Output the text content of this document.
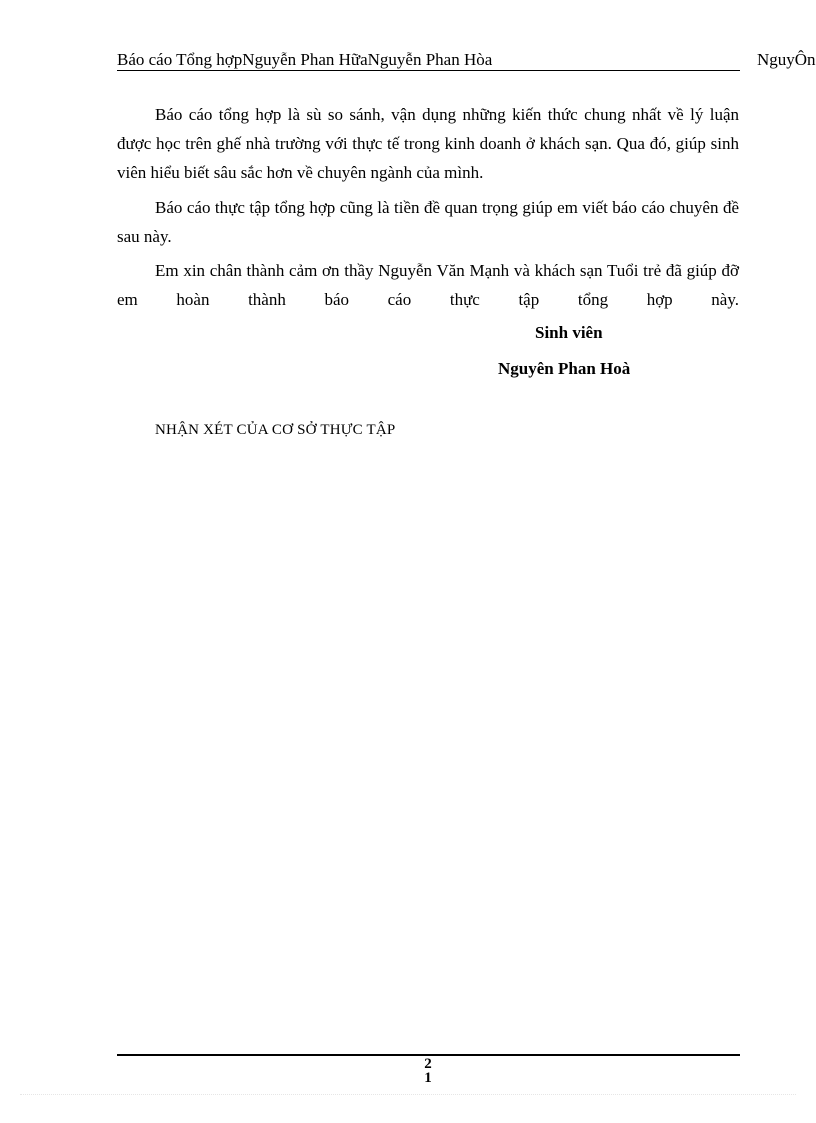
Báo cáo Tổng hợpNguyễn Phan HữaNguyễn Phan Hòa	NguyÔn

Báo cáo tổng hợp là sù so sánh, vận dụng những kiến thức chung nhất về lý luận được học trên ghế nhà trường với thực tế trong kinh doanh ở khách sạn. Qua đó, giúp sinh viên hiểu biết sâu sắc hơn về chuyên ngành của mình.

Báo cáo thực tập tổng hợp cũng là tiền đề quan trọng giúp em viết báo cáo chuyên đề sau này.

Em xin chân thành cảm ơn thầy Nguyễn Văn Mạnh và khách sạn Tuổi trẻ đã giúp đỡ em hoàn thành báo cáo thực tập tổng hợp này.

Sinh viên
Nguyên Phan Hoà
NHẬN XÉT CỦA CƠ SỞ THỰC TẬP
2
1
